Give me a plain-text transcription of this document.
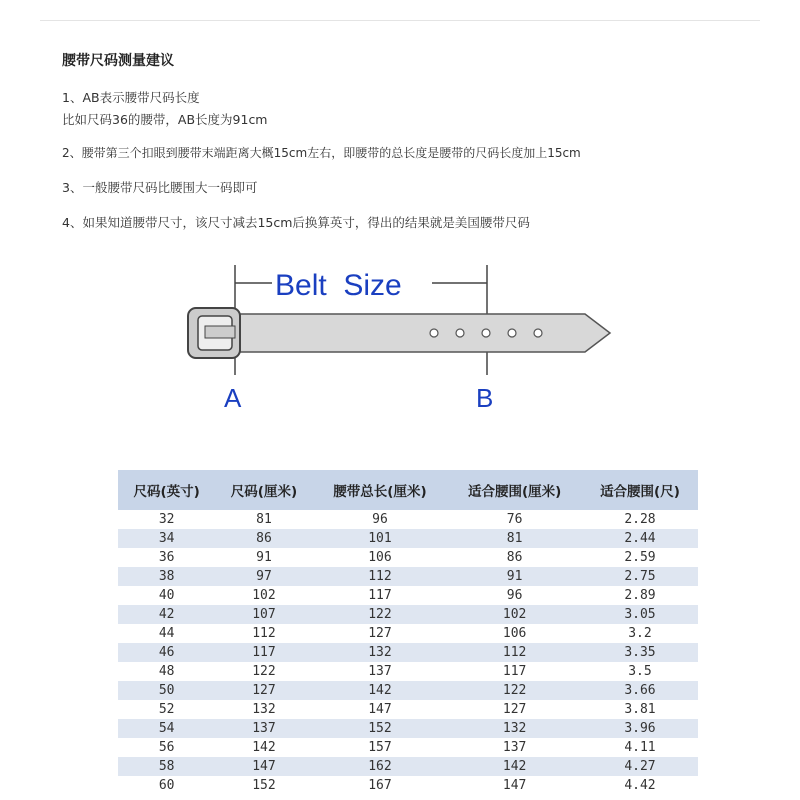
腰带尺码测量建议
1、AB表示腰带尺码长度
比如尺码36的腰带，AB长度为91cm
2、腰带第三个扣眼到腰带末端距离大概15cm左右，即腰带的总长度是腰带的尺码长度加上15cm
3、一般腰带尺码比腰围大一码即可
4、如果知道腰带尺寸，该尺寸减去15cm后换算英寸，得出的结果就是美国腰带尺码
Belt  Size
A	B
尺码(英寸)	尺码(厘米)	腰带总长(厘米)	适合腰围(厘米)	适合腰围(尺)
32	81	96	76	2.28
34	86	101	81	2.44
36	91	106	86	2.59
38	97	112	91	2.75
40	102	117	96	2.89
42	107	122	102	3.05
44	112	127	106	3.2
46	117	132	112	3.35
48	122	137	117	3.5
50	127	142	122	3.66
52	132	147	127	3.81
54	137	152	132	3.96
56	142	157	137	4.11
58	147	162	142	4.27
60	152	167	147	4.42
